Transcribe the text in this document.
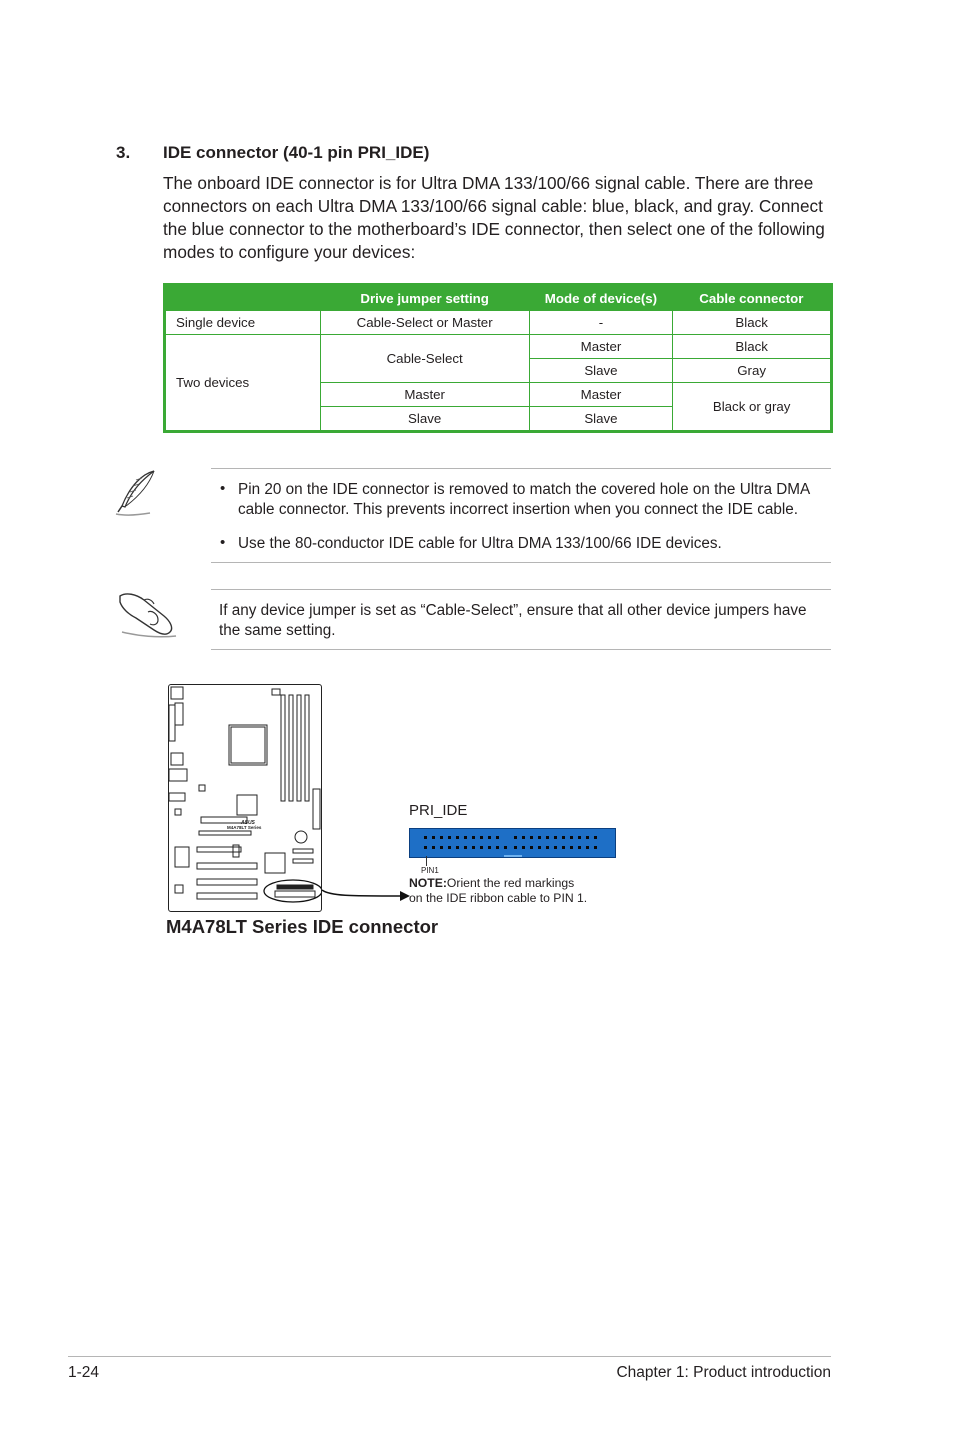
3. IDE connector (40-1 pin PRI_IDE)
The onboard IDE connector is for Ultra DMA 133/100/66 signal cable. There are three connectors on each Ultra DMA 133/100/66 signal cable: blue, black, and gray. Connect the blue connector to the motherboard’s IDE connector, then select one of the following modes to configure your devices:
	Drive jumper setting	Mode of device(s)	Cable connector
Single device	Cable-Select or Master	-	Black
Two devices	Cable-Select	Master	Black
		Slave	Gray
	Master	Master	Black or gray
	Slave	Slave	
• Pin 20 on the IDE connector is removed to match the covered hole on the Ultra DMA cable connector. This prevents incorrect insertion when you connect the IDE cable.
• Use the 80-conductor IDE cable for Ultra DMA 133/100/66 IDE devices.
If any device jumper is set as “Cable-Select”, ensure that all other device jumpers have the same setting.
ASUS
M4A78LT Series
PRI_IDE
PIN1
NOTE:Orient the red markings
on the IDE ribbon cable to PIN 1.
M4A78LT Series IDE connector
1-24	Chapter 1: Product introduction
